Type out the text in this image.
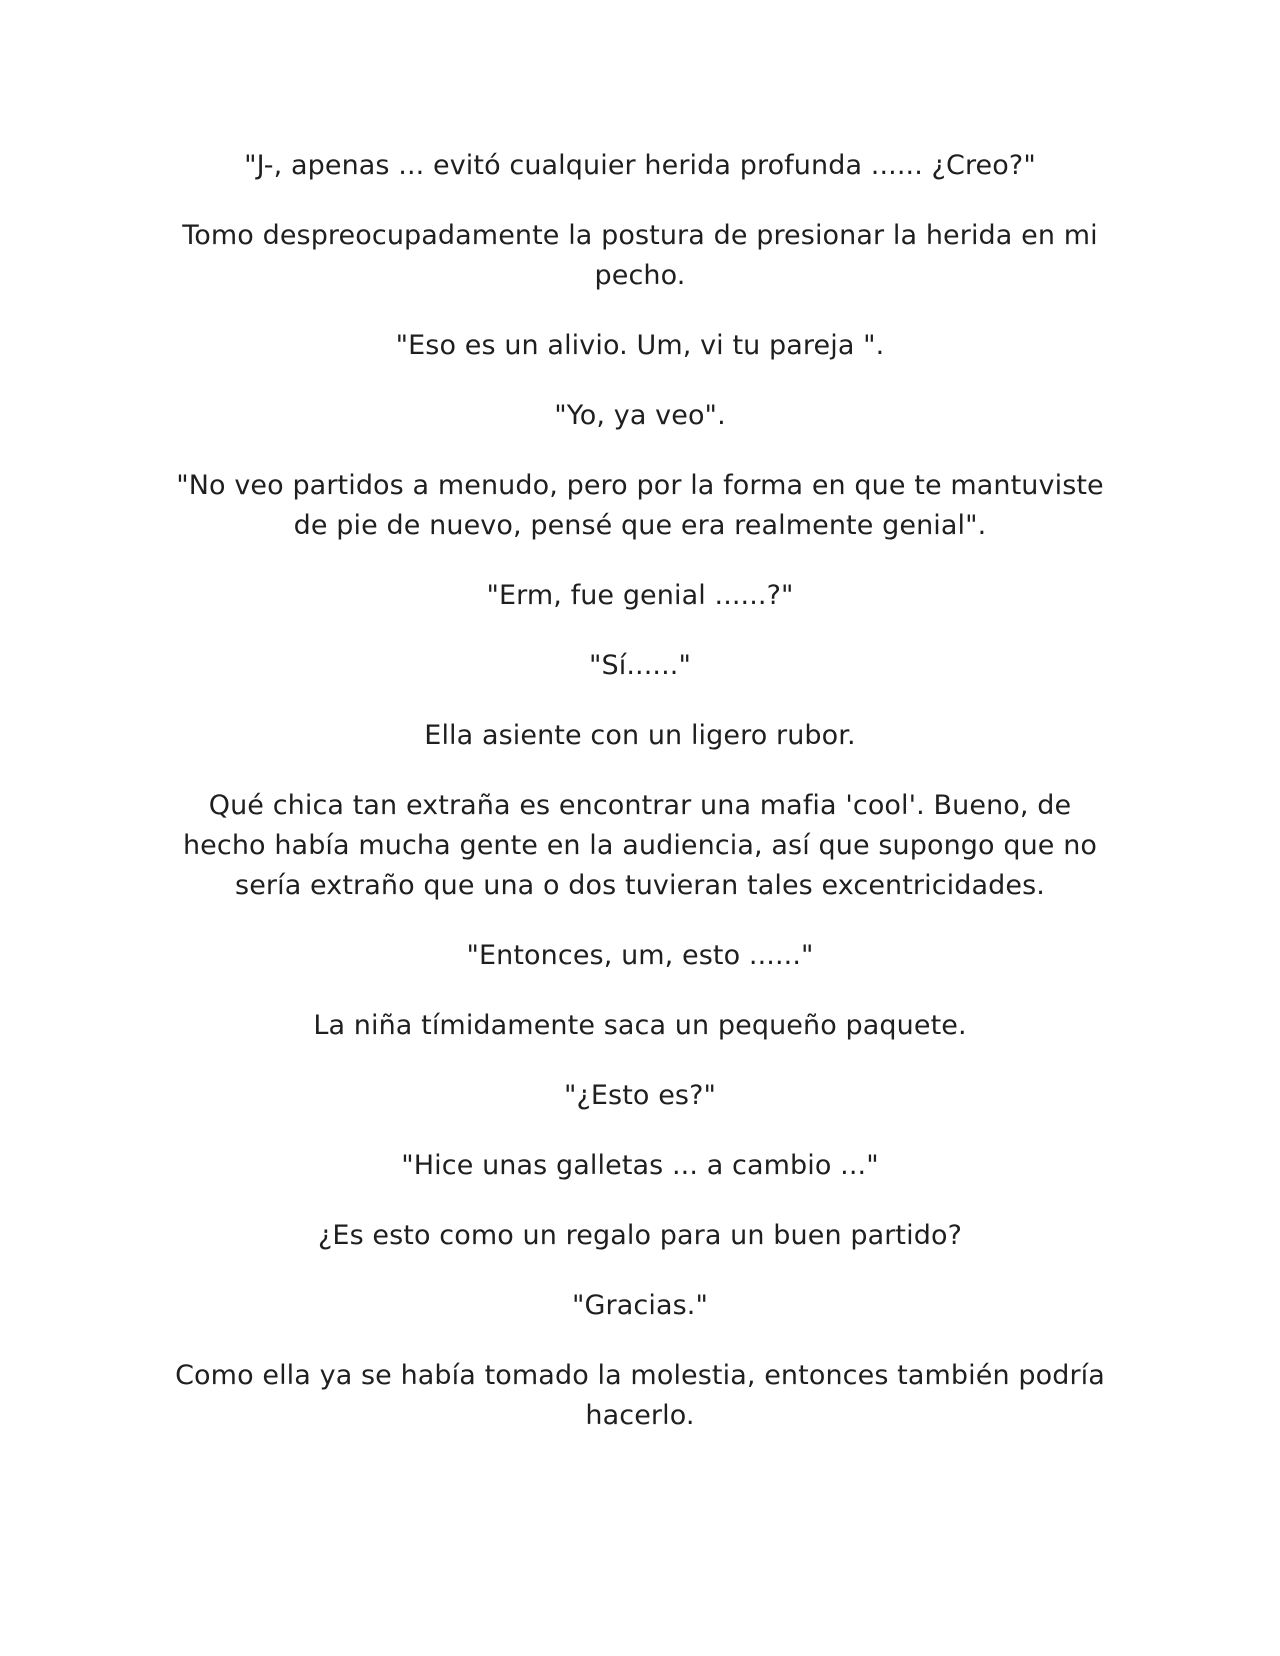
"J-, apenas ... evitó cualquier herida profunda ...... ¿Creo?"

Tomo despreocupadamente la postura de presionar la herida en mi pecho.

"Eso es un alivio. Um, vi tu pareja ".

"Yo, ya veo".

"No veo partidos a menudo, pero por la forma en que te mantuviste de pie de nuevo, pensé que era realmente genial".

"Erm, fue genial ......?"

"Sí......"

Ella asiente con un ligero rubor.

Qué chica tan extraña es encontrar una mafia 'cool'. Bueno, de hecho había mucha gente en la audiencia, así que supongo que no sería extraño que una o dos tuvieran tales excentricidades.

"Entonces, um, esto ......"

La niña tímidamente saca un pequeño paquete.

"¿Esto es?"

"Hice unas galletas ... a cambio ..."

¿Es esto como un regalo para un buen partido?

"Gracias."

Como ella ya se había tomado la molestia, entonces también podría hacerlo.
